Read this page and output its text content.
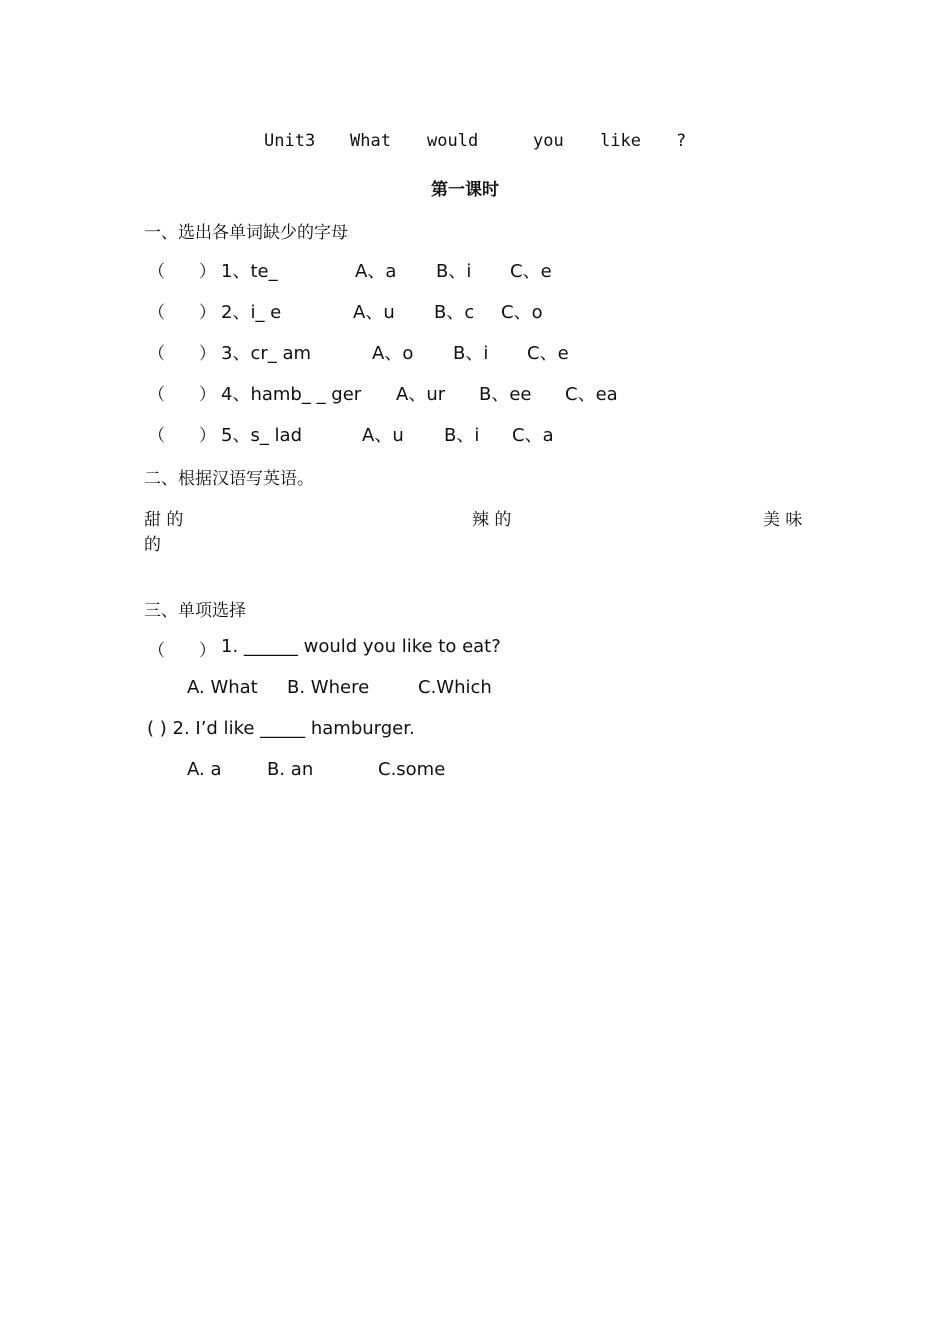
Unit3 What would	you like ?
第一课时
一、选出各单词缺少的字母
（　　） 1、te_	A、a B、i C、e
（　　） 2、i_ e	A、u B、c C、o
（　　） 3、cr_ am	A、o B、i C、e
（　　） 4、hamb_ _ ger A、ur B、ee C、ea
（　　） 5、s_ lad	A、u B、i C、a
二、根据汉语写英语。
甜 的	辣 的	美 味
的
三、单项选择
（　　） 1. ______ would you like to eat?
A. What B. Where	C.Which
( ) 2. I’d like _____ hamburger.
A. a	B. an	C.some
